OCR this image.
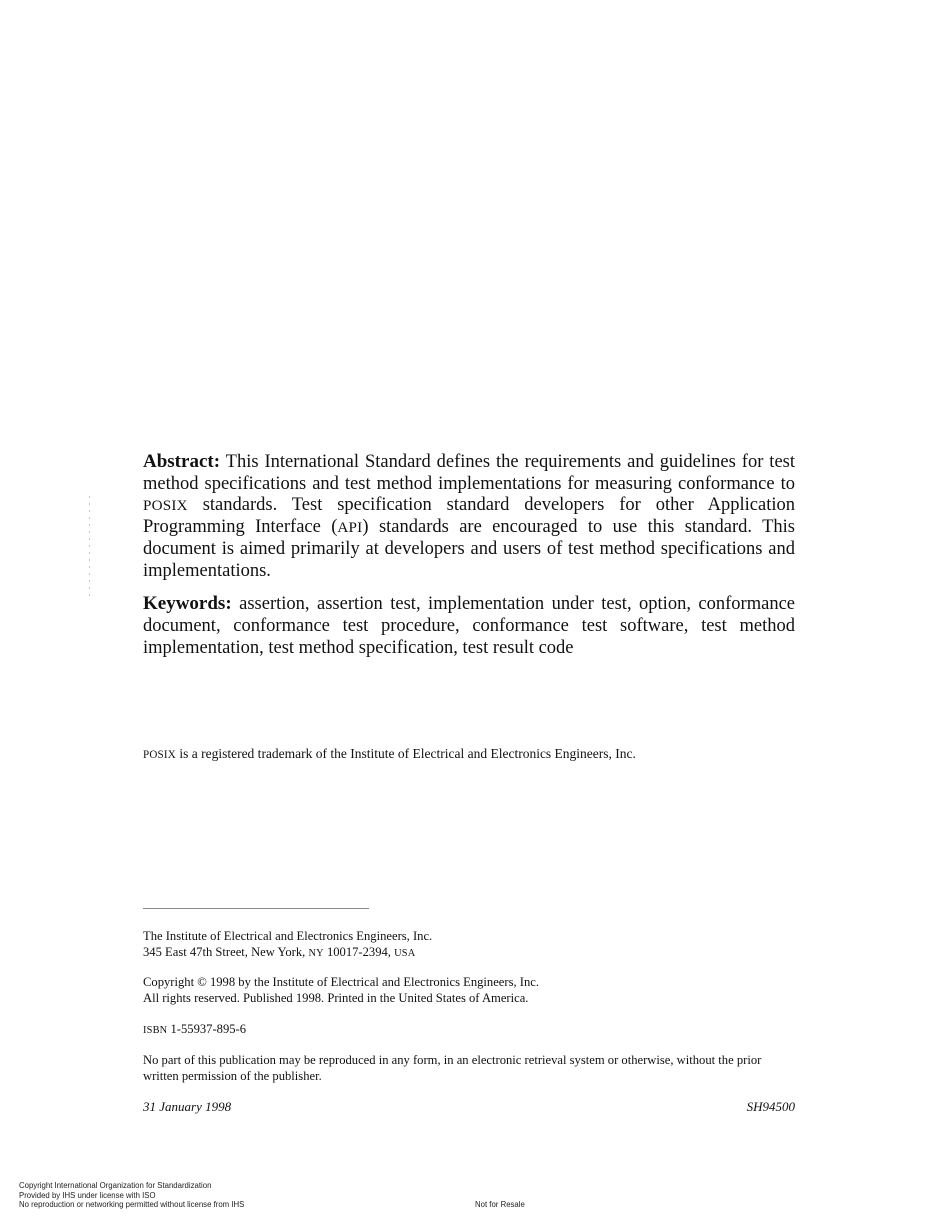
Abstract: This International Standard defines the requirements and guidelines for test method specifications and test method implementations for measuring conformance to POSIX standards. Test specification standard developers for other Application Programming Interface (API) standards are encouraged to use this standard. This document is aimed primarily at developers and users of test method specifications and implementations.

Keywords: assertion, assertion test, implementation under test, option, conformance document, conformance test procedure, conformance test software, test method implementation, test method specification, test result code

POSIX is a registered trademark of the Institute of Electrical and Electronics Engineers, Inc.

The Institute of Electrical and Electronics Engineers, Inc.

345 East 47th Street, New York, NY 10017-2394, USA

Copyright © 1998 by the Institute of Electrical and Electronics Engineers, Inc.

All rights reserved. Published 1998. Printed in the United States of America.

ISBN 1-55937-895-6

No part of this publication may be reproduced in any form, in an electronic retrieval system or otherwise, without the prior written permission of the publisher.

31 January 1998	SH94500
Copyright International Organization for Standardization
Provided by IHS under license with ISO
No reproduction or networking permitted without license from IHS	Not for Resale
